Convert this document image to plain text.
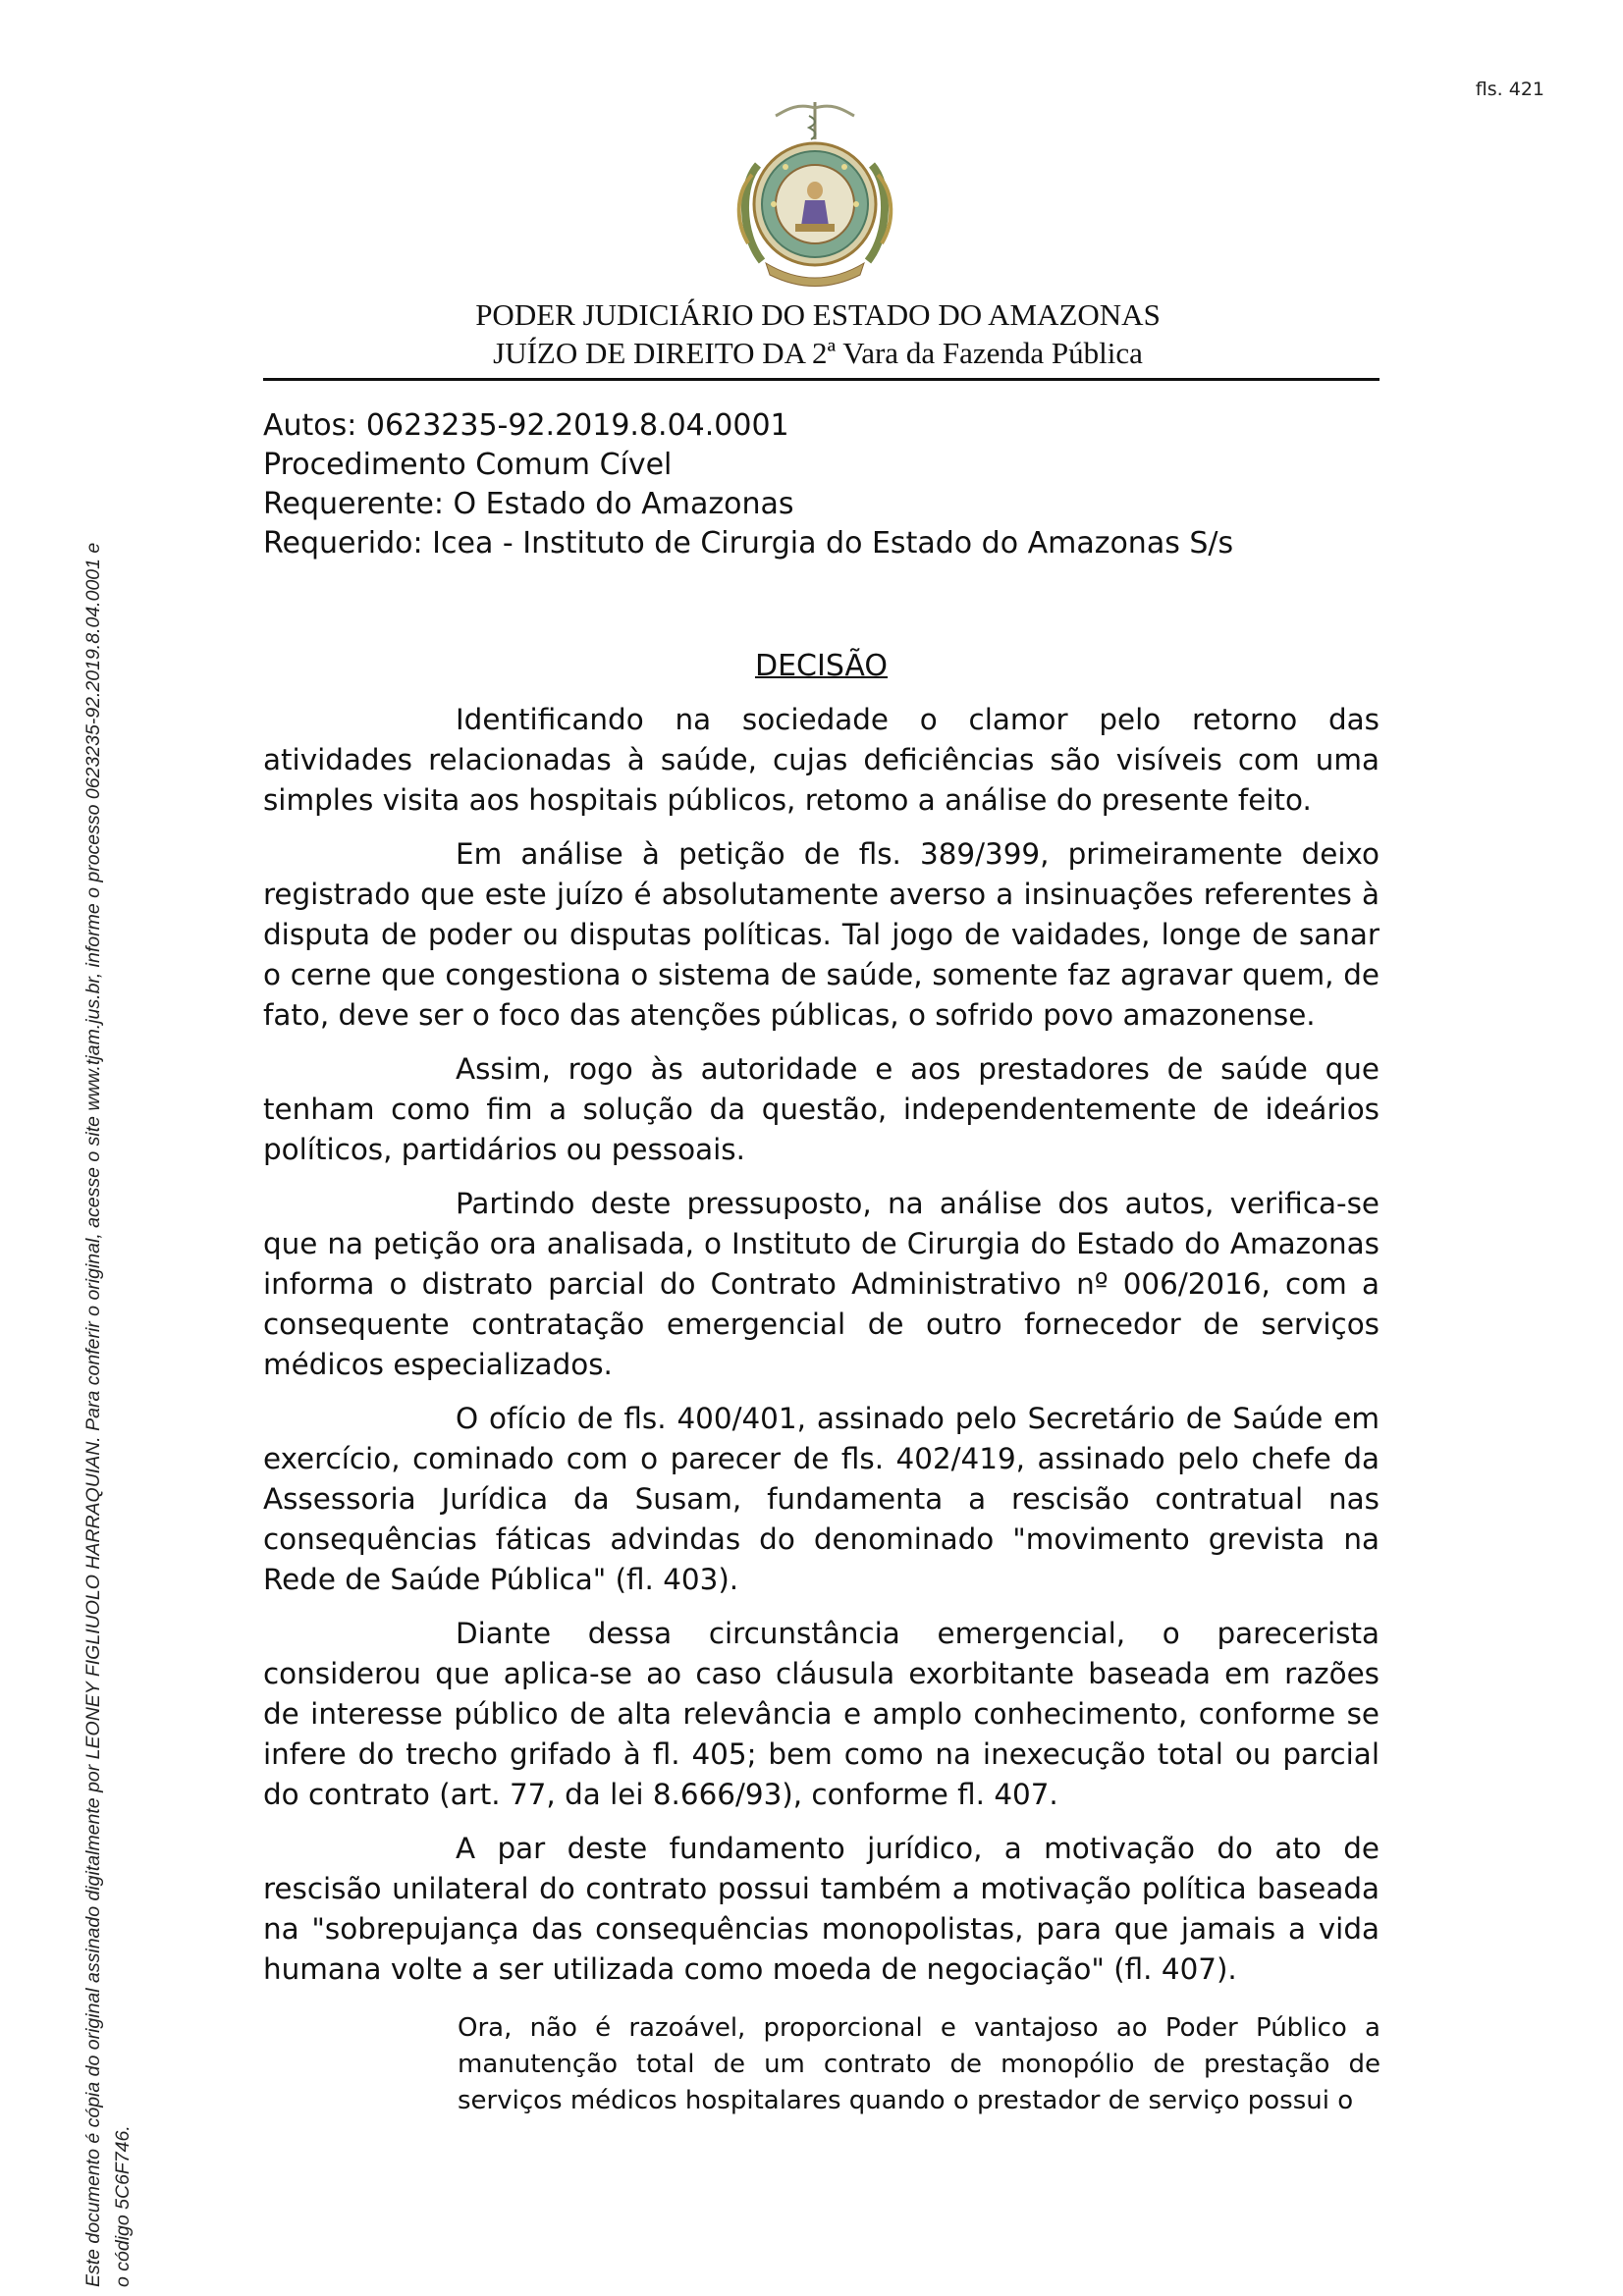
fls. 421
Este documento é cópia do original assinado digitalmente por LEONEY FIGLIUOLO HARRAQUIAN. Para conferir o original, acesse o site www.tjam.jus.br, informe o processo 0623235-92.2019.8.04.0001 e o código 5C6F746.
PODER JUDICIÁRIO DO ESTADO DO AMAZONAS
JUÍZO DE DIREITO DA 2ª Vara da Fazenda Pública
Autos: 0623235-92.2019.8.04.0001
Procedimento Comum Cível
Requerente: O Estado do Amazonas
Requerido: Icea - Instituto de Cirurgia do Estado do Amazonas S/s
DECISÃO

Identificando na sociedade o clamor pelo retorno das atividades relacionadas à saúde, cujas deficiências são visíveis com uma simples visita aos hospitais públicos, retomo a análise do presente feito.

Em análise à petição de fls. 389/399, primeiramente deixo registrado que este juízo é absolutamente averso a insinuações referentes à disputa de poder ou disputas políticas. Tal jogo de vaidades, longe de sanar o cerne que congestiona o sistema de saúde, somente faz agravar quem, de fato, deve ser o foco das atenções públicas, o sofrido povo amazonense.

Assim, rogo às autoridade e aos prestadores de saúde que tenham como fim a solução da questão, independentemente de ideários políticos, partidários ou pessoais.

Partindo deste pressuposto, na análise dos autos, verifica-se que na petição ora analisada, o Instituto de Cirurgia do Estado do Amazonas informa o distrato parcial do Contrato Administrativo nº 006/2016, com a consequente contratação emergencial de outro fornecedor de serviços médicos especializados.

O ofício de fls. 400/401, assinado pelo Secretário de Saúde em exercício, cominado com o parecer de fls. 402/419, assinado pelo chefe da Assessoria Jurídica da Susam, fundamenta a rescisão contratual nas consequências fáticas advindas do denominado "movimento grevista na Rede de Saúde Pública" (fl. 403).

Diante dessa circunstância emergencial, o parecerista considerou que aplica-se ao caso cláusula exorbitante baseada em razões de interesse público de alta relevância e amplo conhecimento, conforme se infere do trecho grifado à fl. 405; bem como na inexecução total ou parcial do contrato (art. 77, da lei 8.666/93), conforme fl. 407.

A par deste fundamento jurídico, a motivação do ato de rescisão unilateral do contrato possui também a motivação política baseada na "sobrepujança das consequências monopolistas, para que jamais a vida humana volte a ser utilizada como moeda de negociação" (fl. 407).

Ora, não é razoável, proporcional e vantajoso ao Poder Público a manutenção total de um contrato de monopólio de prestação de serviços médicos hospitalares quando o prestador de serviço possui o
